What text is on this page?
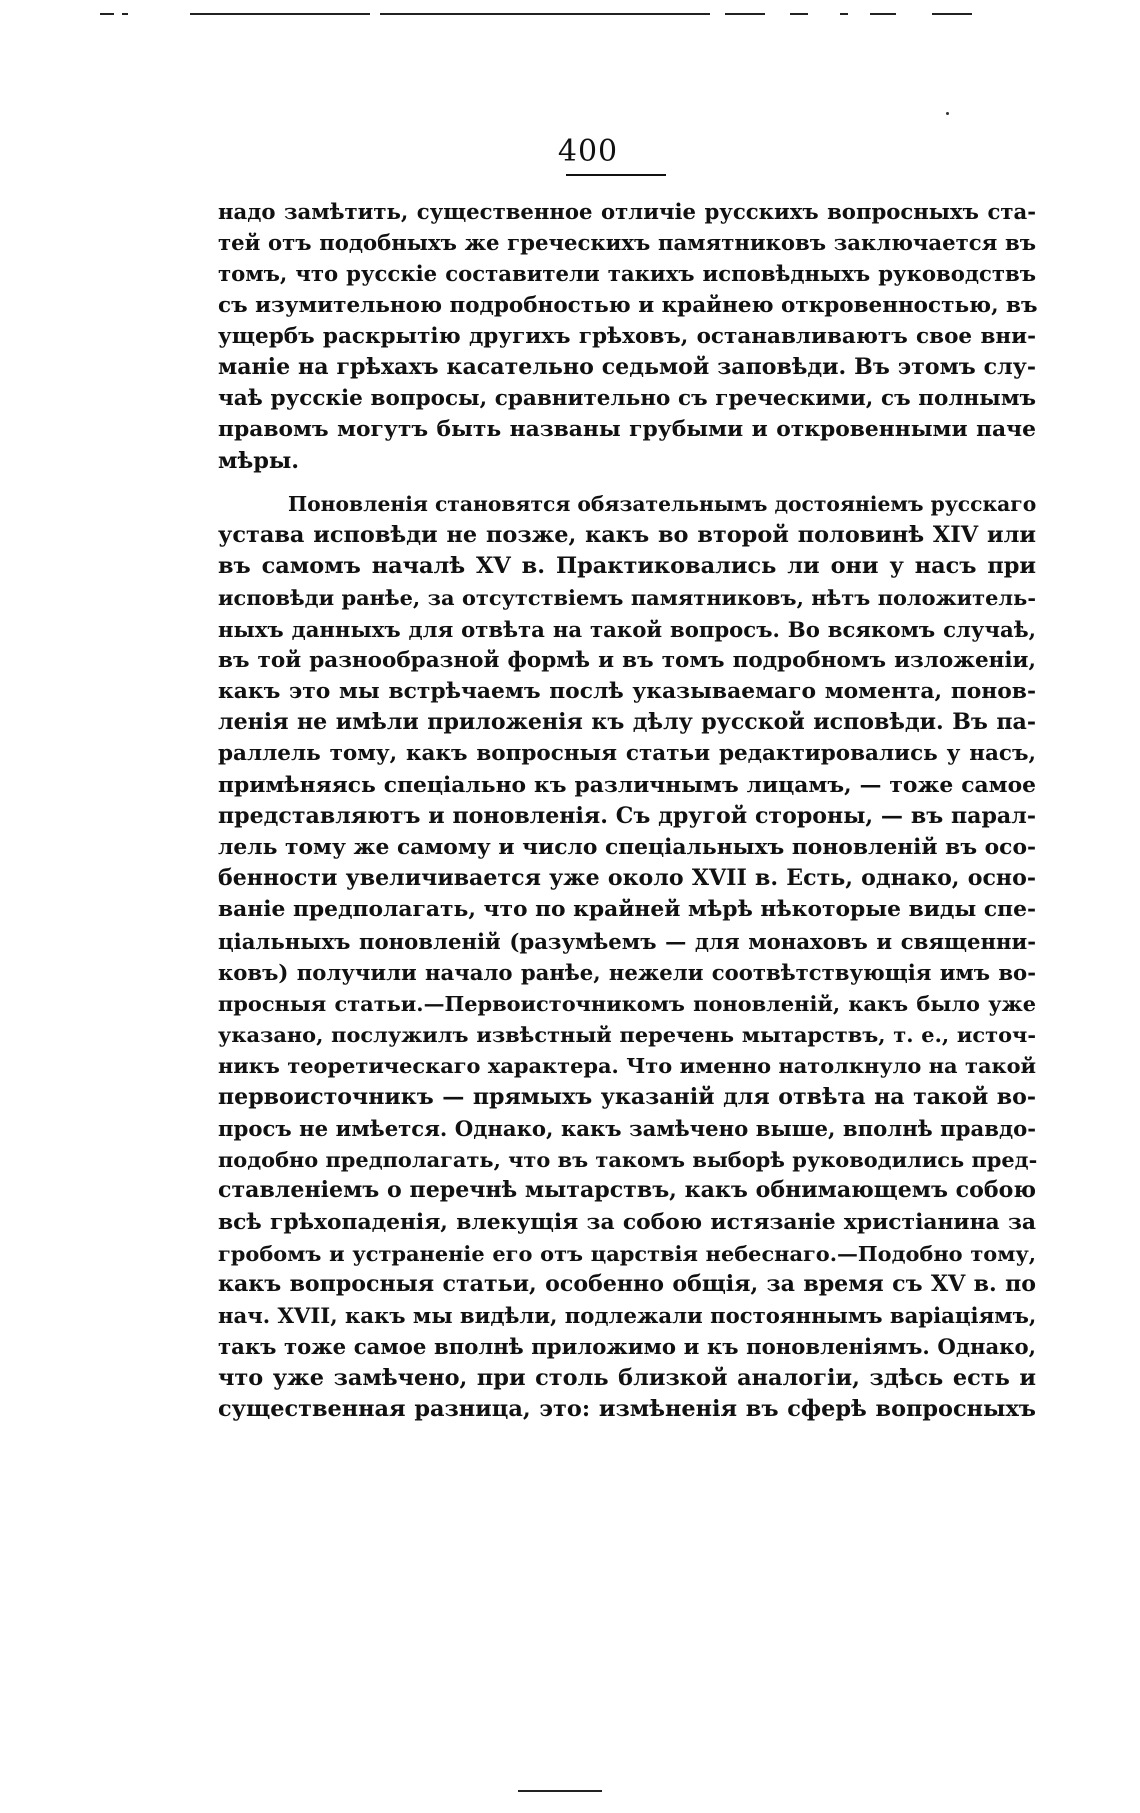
400

надо замѣтить, существенное отличіе русскихъ вопросныхъ ста-
тей отъ подобныхъ же греческихъ памятниковъ заключается въ
томъ, что русскіе составители такихъ исповѣдныхъ руководствъ
съ изумительною подробностью и крайнею откровенностью, въ
ущербъ раскрытію другихъ грѣховъ, останавливаютъ свое вни-
маніе на грѣхахъ касательно седьмой заповѣди. Въ этомъ слу-
чаѣ русскіе вопросы, сравнительно съ греческими, съ полнымъ
правомъ могутъ быть названы грубыми и откровенными паче
мѣры.

Поновленія становятся обязательнымъ достояніемъ русскаго
устава исповѣди не позже, какъ во второй половинѣ XIV или
въ самомъ началѣ XV в. Практиковались ли они у насъ при
исповѣди ранѣе, за отсутствіемъ памятниковъ, нѣтъ положитель-
ныхъ данныхъ для отвѣта на такой вопросъ. Во всякомъ случаѣ,
въ той разнообразной формѣ и въ томъ подробномъ изложеніи,
какъ это мы встрѣчаемъ послѣ указываемаго момента, понов-
ленія не имѣли приложенія къ дѣлу русской исповѣди. Въ па-
раллель тому, какъ вопросныя статьи редактировались у насъ,
примѣняясь спеціально къ различнымъ лицамъ, — тоже самое
представляютъ и поновленія. Съ другой стороны, — въ парал-
лель тому же самому и число спеціальныхъ поновленій въ осо-
бенности увеличивается уже около XVII в. Есть, однако, осно-
ваніе предполагать, что по крайней мѣрѣ нѣкоторые виды спе-
ціальныхъ поновленій (разумѣемъ — для монаховъ и священни-
ковъ) получили начало ранѣе, нежели соотвѣтствующія имъ во-
просныя статьи.—Первоисточникомъ поновленій, какъ было уже
указано, послужилъ извѣстный перечень мытарствъ, т. е., источ-
никъ теоретическаго характера. Что именно натолкнуло на такой
первоисточникъ — прямыхъ указаній для отвѣта на такой во-
просъ не имѣется. Однако, какъ замѣчено выше, вполнѣ правдо-
подобно предполагать, что въ такомъ выборѣ руководились пред-
ставленіемъ о перечнѣ мытарствъ, какъ обнимающемъ собою
всѣ грѣхопаденія, влекущія за собою истязаніе христіанина за
гробомъ и устраненіе его отъ царствія небеснаго.—Подобно тому,
какъ вопросныя статьи, особенно общія, за время съ XV в. по
нач. XVII, какъ мы видѣли, подлежали постояннымъ варіаціямъ,
такъ тоже самое вполнѣ приложимо и къ поновленіямъ. Однако,
что уже замѣчено, при столь близкой аналогіи, здѣсь есть и
существенная разница, это: измѣненія въ сферѣ вопросныхъ
